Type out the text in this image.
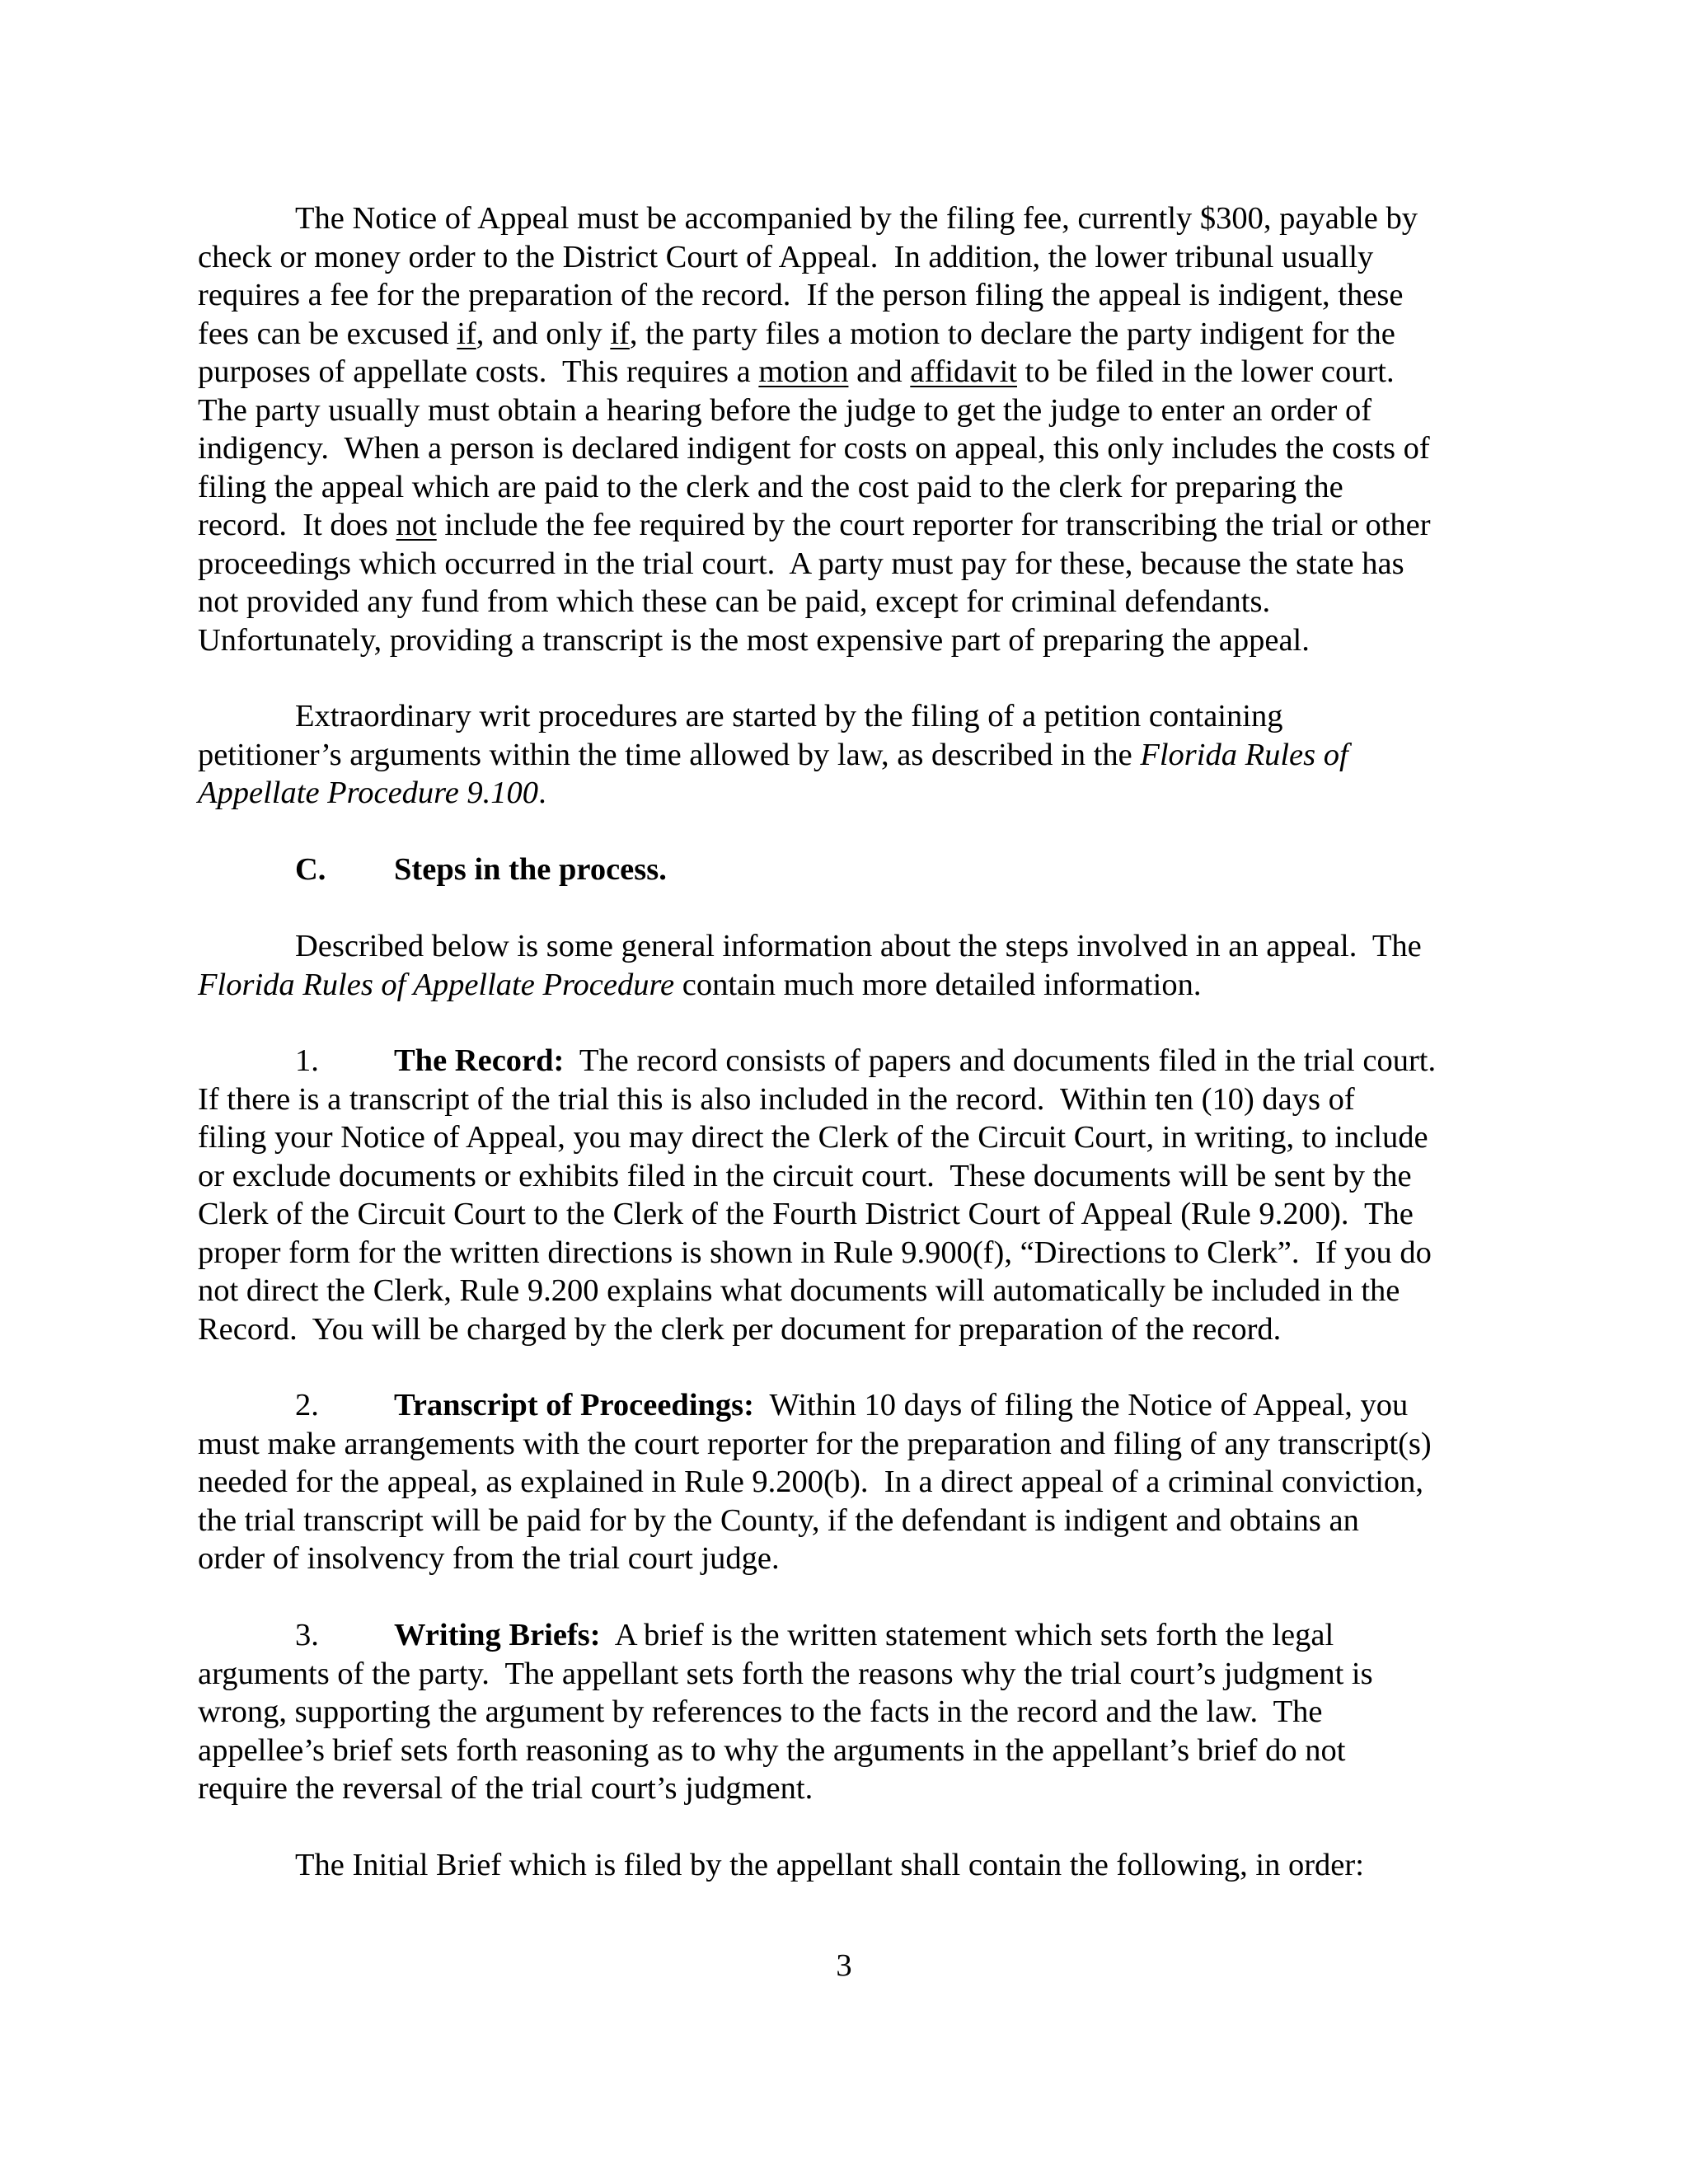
The Notice of Appeal must be accompanied by the filing fee, currently $300, payable by
check or money order to the District Court of Appeal.  In addition, the lower tribunal usually
requires a fee for the preparation of the record.  If the person filing the appeal is indigent, these
fees can be excused if, and only if, the party files a motion to declare the party indigent for the
purposes of appellate costs.  This requires a motion and affidavit to be filed in the lower court.
The party usually must obtain a hearing before the judge to get the judge to enter an order of
indigency.  When a person is declared indigent for costs on appeal, this only includes the costs of
filing the appeal which are paid to the clerk and the cost paid to the clerk for preparing the
record.  It does not include the fee required by the court reporter for transcribing the trial or other
proceedings which occurred in the trial court.  A party must pay for these, because the state has
not provided any fund from which these can be paid, except for criminal defendants.
Unfortunately, providing a transcript is the most expensive part of preparing the appeal.
Extraordinary writ procedures are started by the filing of a petition containing
petitioner’s arguments within the time allowed by law, as described in the Florida Rules of
Appellate Procedure 9.100.
C. Steps in the process.
Described below is some general information about the steps involved in an appeal.  The
Florida Rules of Appellate Procedure contain much more detailed information.
1. The Record:  The record consists of papers and documents filed in the trial court.
If there is a transcript of the trial this is also included in the record.  Within ten (10) days of
filing your Notice of Appeal, you may direct the Clerk of the Circuit Court, in writing, to include
or exclude documents or exhibits filed in the circuit court.  These documents will be sent by the
Clerk of the Circuit Court to the Clerk of the Fourth District Court of Appeal (Rule 9.200).  The
proper form for the written directions is shown in Rule 9.900(f), “Directions to Clerk”.  If you do
not direct the Clerk, Rule 9.200 explains what documents will automatically be included in the
Record.  You will be charged by the clerk per document for preparation of the record.
2. Transcript of Proceedings:  Within 10 days of filing the Notice of Appeal, you
must make arrangements with the court reporter for the preparation and filing of any transcript(s)
needed for the appeal, as explained in Rule 9.200(b).  In a direct appeal of a criminal conviction,
the trial transcript will be paid for by the County, if the defendant is indigent and obtains an
order of insolvency from the trial court judge.
3. Writing Briefs:  A brief is the written statement which sets forth the legal
arguments of the party.  The appellant sets forth the reasons why the trial court’s judgment is
wrong, supporting the argument by references to the facts in the record and the law.  The
appellee’s brief sets forth reasoning as to why the arguments in the appellant’s brief do not
require the reversal of the trial court’s judgment.
The Initial Brief which is filed by the appellant shall contain the following, in order:
3
